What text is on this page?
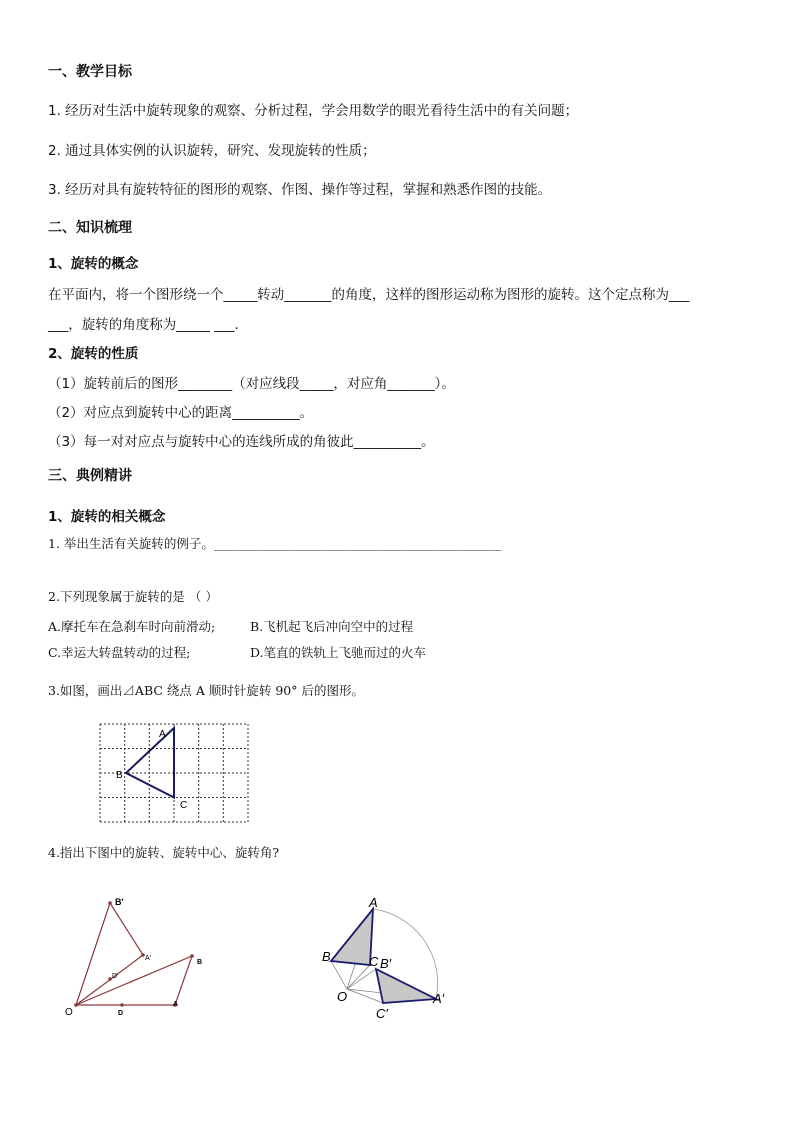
一、教学目标
1. 经历对生活中旋转现象的观察、分析过程，学会用数学的眼光看待生活中的有关问题；
2. 通过具体实例的认识旋转，研究、发现旋转的性质；
3. 经历对具有旋转特征的图形的观察、作图、操作等过程，掌握和熟悉作图的技能。
二、知识梳理
1、旋转的概念
在平面内，将一个图形绕一个_____转动_______的角度，这样的图形运动称为图形的旋转。这个定点称为___
___，旋转的角度称为_____ ___.
2、旋转的性质
（1）旋转前后的图形________（对应线段_____，对应角_______）。
（2）对应点到旋转中心的距离__________。
（3）每一对对应点与旋转中心的连线所成的角彼此__________。
三、典例精讲
1、旋转的相关概念
1. 举出生活有关旋转的例子。______________________________________________
2.下列现象属于旋转的是 （ ）
A.摩托车在急刹车时向前滑动;	B.飞机起飞后冲向空中的过程
C.幸运大转盘转动的过程;	D.笔直的铁轨上飞驰而过的火车
3.如图，画出⊿ABC 绕点 A 顺时针旋转 90° 后的图形。
A
B
C
4.指出下图中的旋转、旋转中心、旋转角?
B'
A'
D'
B
O	D
A
A
B	C B′
O	A′
C′
